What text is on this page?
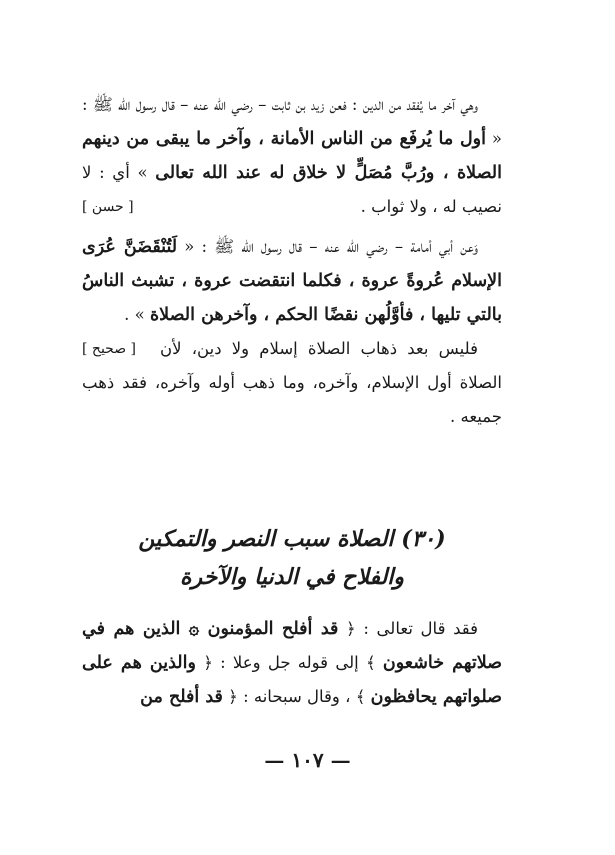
وهي آخر ما يُفقد من الدين : فعن زيد بن ثابت – رضي الله عنه – قال رسول الله ﷺ : « أول ما يُرفَع من الناس الأمانة ، وآخر ما يبقى من دينهم الصلاة ، ورُبَّ مُصَلٍّ لا خلاق له عند الله تعالى » أي : لا نصيب له ، ولا ثواب .
[ حسن ]

وَعن أبي أمامة – رضي الله عنه – قال رسول الله ﷺ : « لَتُنْقَضَنَّ عُرَى الإسلام عُروةً عروة ، فكلما انتقضت عروة ، تشبث الناسُ بالتي تليها ، فأوَّلُهن نقضًا الحكم ، وآخرهن الصلاة » .
[ صحيح ]	فليس بعد ذهاب الصلاة إسلام ولا دين، لأن الصلاة أول الإسلام، وآخره، وما ذهب أوله وآخره، فقد ذهب جميعه .

(٣٠) الصلاة سبب النصر والتمكين
والفلاح في الدنيا والآخرة

فقد قال تعالى : ﴿ قد أفلح المؤمنون ۞ الذين هم في صلاتهم خاشعون ﴾ إلى قوله جل وعلا : ﴿ والذين هم على صلواتهم يحافظون ﴾ ، وقال سبحانه : ﴿ قد أفلح من

— ١٠٧ —
